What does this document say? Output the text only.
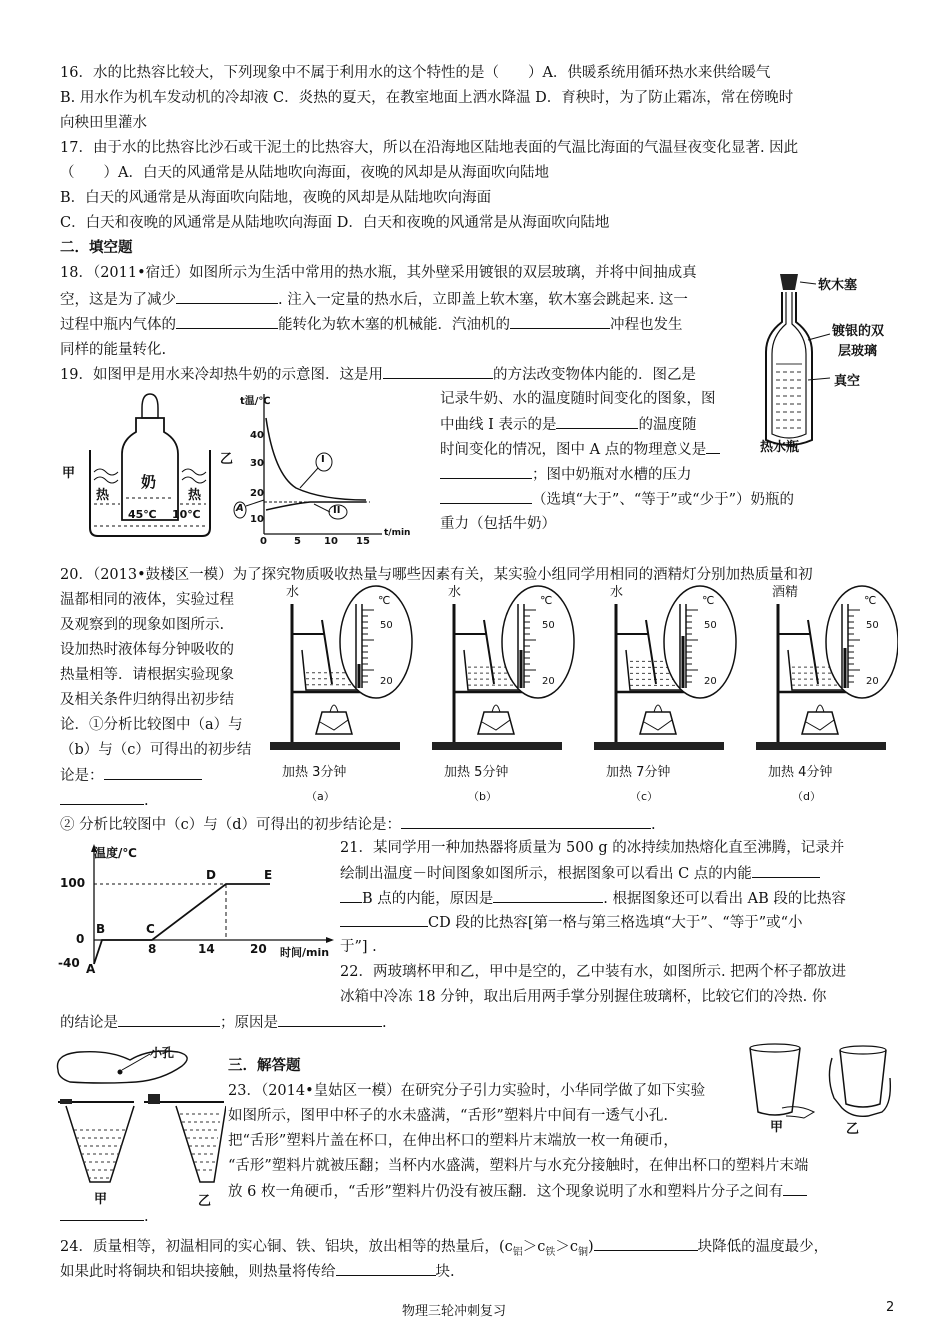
16．水的比热容比较大，下列现象中不属于利用水的这个特性的是（　　）A．供暖系统用循环热水来供给暖气
B. 用水作为机车发动机的冷却液 C．炎热的夏天，在教室地面上洒水降温 D．育秧时，为了防止霜冻，常在傍晚时
向秧田里灌水
17．由于水的比热容比沙石或干泥土的比热容大，所以在沿海地区陆地表面的气温比海面的气温昼夜变化显著. 因此
（　　）A．白天的风通常是从陆地吹向海面，夜晚的风却是从海面吹向陆地
B．白天的风通常是从海面吹向陆地，夜晚的风却是从陆地吹向海面
C．白天和夜晚的风通常是从陆地吹向海面 D．白天和夜晚的风通常是从海面吹向陆地
二．填空题
18．（2011•宿迁）如图所示为生活中常用的热水瓶，其外壁采用镀银的双层玻璃，并将中间抽成真
空，这是为了减少	. 注入一定量的热水后，立即盖上软木塞，软木塞会跳起来. 这一
过程中瓶内气体的	能转化为软木塞的机械能．汽油机的	冲程也发生
同样的能量转化.
软木塞
镀银的双
层玻璃
真空
热水瓶
19．如图甲是用水来冷却热牛奶的示意图．这是用	的方法改变物体内能的．图乙是
记录牛奶、水的温度随时间变化的图象，图
中曲线 I 表示的是	的温度随
时间变化的情况，图中 A 点的物理意义是
；图中奶瓶对水槽的压力
（选填“大于”、“等于”或“少于”）奶瓶的
重力（包括牛奶）
甲	奶
热	热
45℃ 10℃
乙
t温/℃
40
30
20
10
0	5 10 15
t/min
I
II
A
20．（2013•鼓楼区一模）为了探究物质吸收热量与哪些因素有关，某实验小组同学用相同的酒精灯分别加热质量和初
温都相同的液体，实验过程
及观察到的现象如图所示.
设加热时液体每分钟吸收的
热量相等．请根据实验现象
及相关条件归纳得出初步结
论．①分析比较图中（a）与
（b）与（c）可得出的初步结
论是：
.
② 分析比较图中（c）与（d）可得出的初步结论是：	.
水
℃
50
20
加热 3分钟
（a）
水
℃
50
20
加热 5分钟
（b）
水
℃
50
20
加热 7分钟
（c）
酒精
℃
50
20
加热 4分钟
（d）
21．某同学用一种加热器将质量为 500 g 的冰持续加热熔化直至沸腾，记录并
绘制出温度－时间图象如图所示，根据图象可以看出 C 点的内能
B 点的内能，原因是	. 根据图象还可以看出 AB 段的比热容
CD 段的比热容[第一格与第三格选填“大于”、“等于”或“小
于”] .
温度/℃
100
0
-40
8	14	20 时间/min
A
B	C
D	E
22．两玻璃杯甲和乙，甲中是空的，乙中装有水，如图所示. 把两个杯子都放进
冰箱中冷冻 18 分钟，取出后用两手掌分别握住玻璃杯，比较它们的冷热. 你
的结论是	；原因是	.
甲	乙
三．解答题
23．（2014•皇姑区一模）在研究分子引力实验时，小华同学做了如下实验
如图所示，图甲中杯子的水未盛满，“舌形”塑料片中间有一透气小孔.
把“舌形”塑料片盖在杯口，在伸出杯口的塑料片末端放一枚一角硬币，
“舌形”塑料片就被压翻；当杯内水盛满，塑料片与水充分接触时，在伸出杯口的塑料片末端
放 6 枚一角硬币，“舌形”塑料片仍没有被压翻．这个现象说明了水和塑料片分子之间有
.
小孔
甲	乙
24．质量相等，初温相同的实心铜、铁、铝块，放出相等的热量后，$(c_铝>c_铁>c_铜)$	块降低的温度最少，
如果此时将铜块和铝块接触，则热量将传给	块.
物理三轮冲刺复习	2
